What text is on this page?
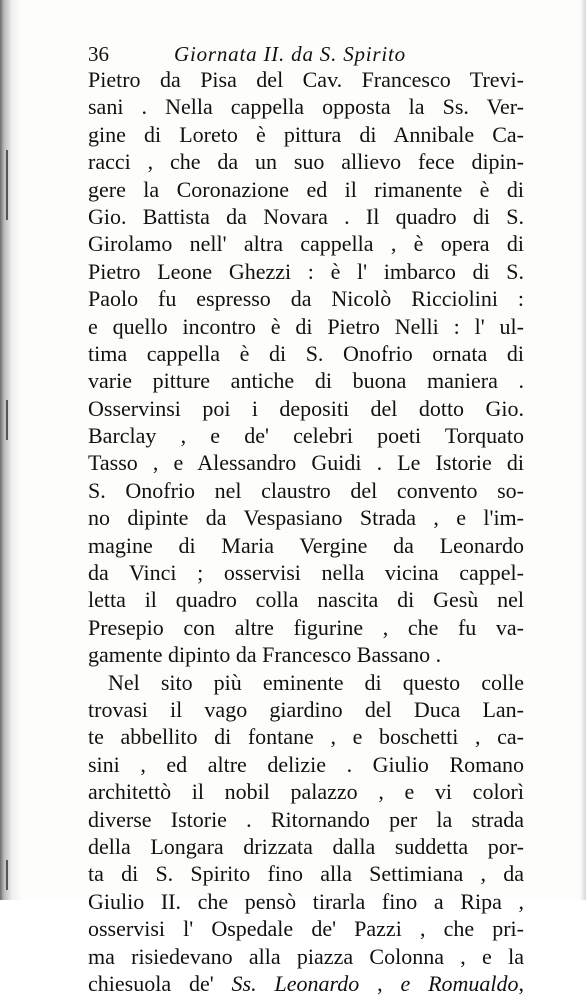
36	Giornata II. da S. Spirito
Pietro da Pisa del Cav. Francesco Trevi-
sani . Nella cappella opposta la Ss. Ver-
gine di Loreto è pittura di Annibale Ca-
racci , che da un suo allievo fece dipin-
gere la Coronazione ed il rimanente è di
Gio. Battista da Novara . Il quadro di S.
Girolamo nell' altra cappella , è opera di
Pietro Leone Ghezzi : è l' imbarco di S.
Paolo fu espresso da Nicolò Ricciolini :
e quello incontro è di Pietro Nelli : l' ul-
tima cappella è di S. Onofrio ornata di
varie pitture antiche di buona maniera .
Osservinsi poi i depositi del dotto Gio.
Barclay , e de' celebri poeti Torquato
Tasso , e Alessandro Guidi . Le Istorie di
S. Onofrio nel claustro del convento so-
no dipinte da Vespasiano Strada , e l'im-
magine di Maria Vergine da Leonardo
da Vinci ; osservisi nella vicina cappel-
letta il quadro colla nascita di Gesù nel
Presepio con altre figurine , che fu va-
gamente dipinto da Francesco Bassano .
Nel sito più eminente di questo colle
trovasi il vago giardino del Duca Lan-
te abbellito di fontane , e boschetti , ca-
sini , ed altre delizie . Giulio Romano
architettò il nobil palazzo , e vi colorì
diverse Istorie . Ritornando per la strada
della Longara drizzata dalla suddetta por-
ta di S. Spirito fino alla Settimiana , da
Giulio II. che pensò tirarla fino a Ripa ,
osservisi l' Ospedale de' Pazzi , che pri-
ma risiedevano alla piazza Colonna , e la
chiesuola de' Ss. Leonardo , e Romualdo,
